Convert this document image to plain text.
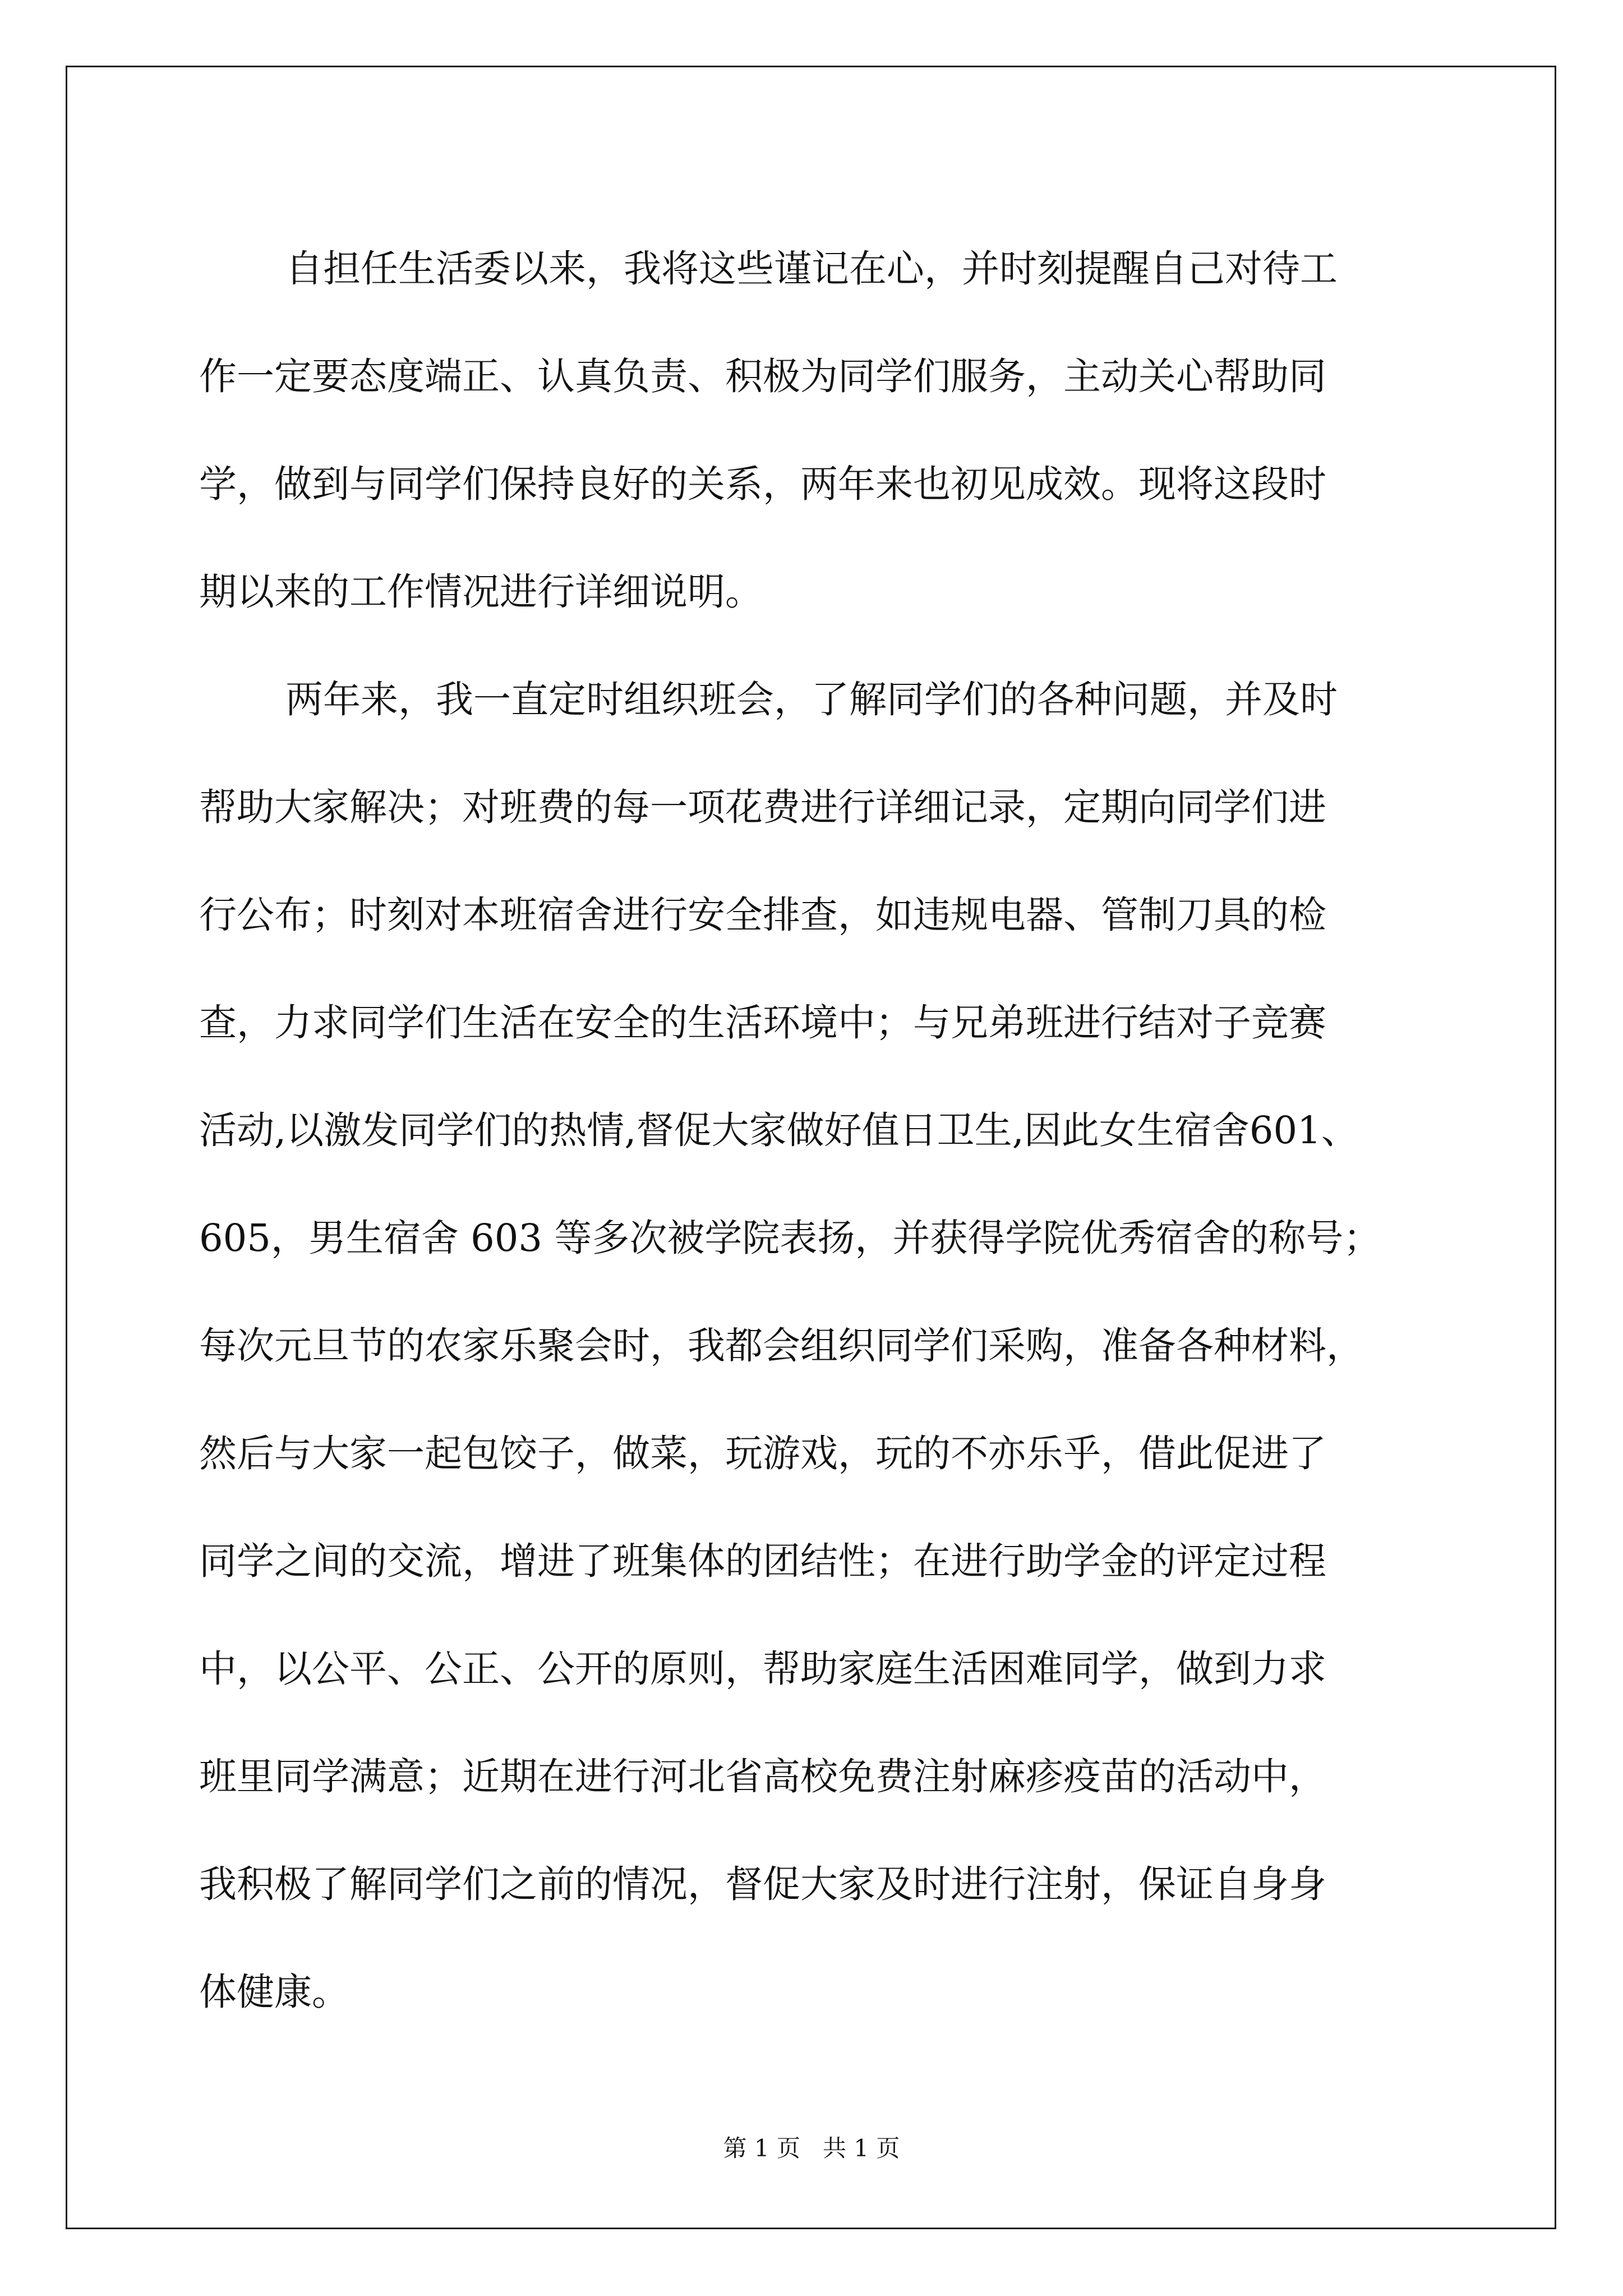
自担任生活委以来，我将这些谨记在心，并时刻提醒自己对待工
作一定要态度端正、认真负责、积极为同学们服务，主动关心帮助同
学，做到与同学们保持良好的关系，两年来也初见成效。现将这段时
期以来的工作情况进行详细说明。
两年来，我一直定时组织班会，了解同学们的各种问题，并及时
帮助大家解决；对班费的每一项花费进行详细记录，定期向同学们进
行公布；时刻对本班宿舍进行安全排查，如违规电器、管制刀具的检
查，力求同学们生活在安全的生活环境中；与兄弟班进行结对子竞赛
活动,以激发同学们的热情,督促大家做好值日卫生,因此女生宿舍601、
605，男生宿舍 603 等多次被学院表扬，并获得学院优秀宿舍的称号；
每次元旦节的农家乐聚会时，我都会组织同学们采购，准备各种材料，
然后与大家一起包饺子，做菜，玩游戏，玩的不亦乐乎，借此促进了
同学之间的交流，增进了班集体的团结性；在进行助学金的评定过程
中，以公平、公正、公开的原则，帮助家庭生活困难同学，做到力求
班里同学满意；近期在进行河北省高校免费注射麻疹疫苗的活动中，
我积极了解同学们之前的情况，督促大家及时进行注射，保证自身身
体健康。
第 1 页 共 1 页
